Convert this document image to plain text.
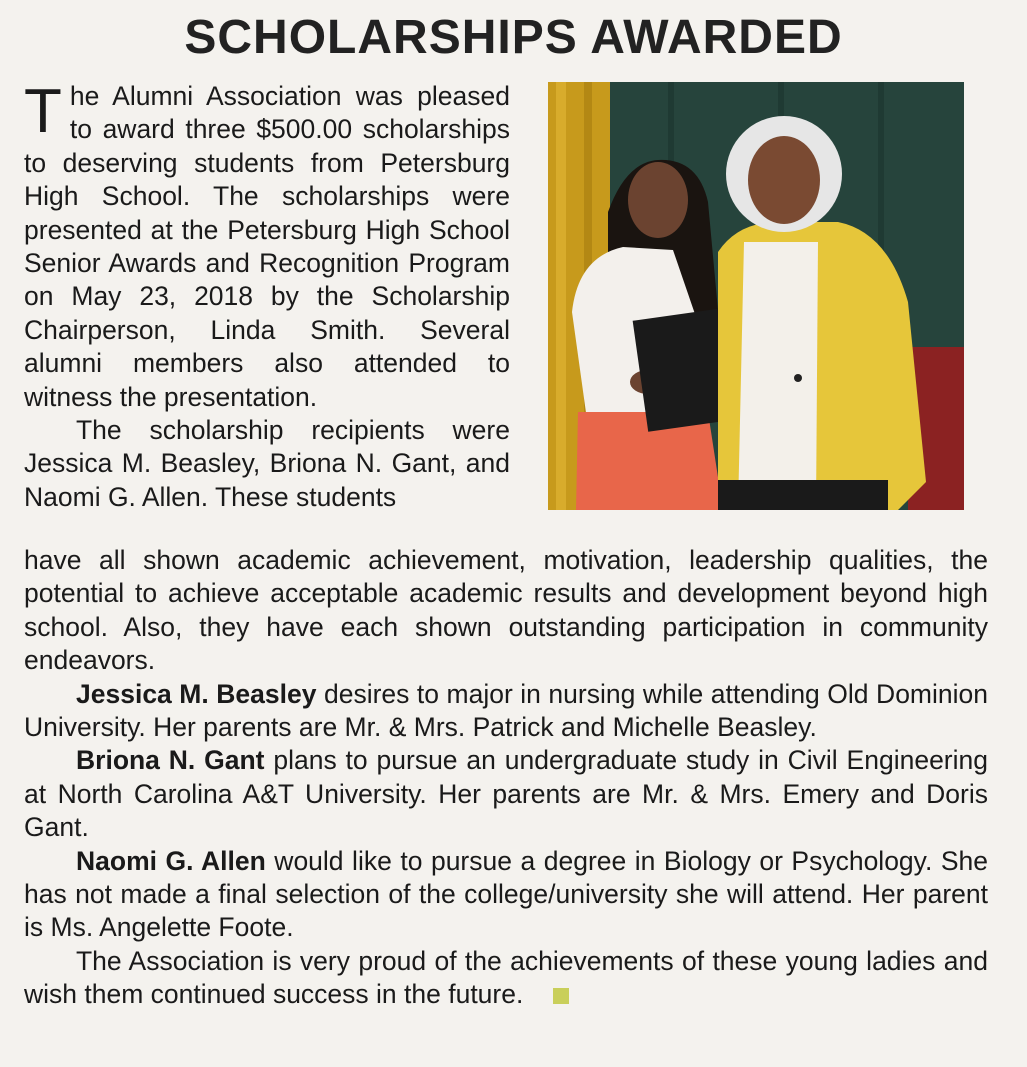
SCHOLARSHIPS AWARDED

The Alumni Association was pleased to award three $500.00 scholarships to deserving students from Petersburg High School. The scholarships were presented at the Petersburg High School Senior Awards and Recognition Program on May 23, 2018 by the Scholarship Chairperson, Linda Smith. Several alumni members also attended to witness the presentation.

The scholarship recipients were Jessica M. Beasley, Briona N. Gant, and Naomi G. Allen. These students

have all shown academic achievement, motivation, leadership qualities, the potential to achieve acceptable academic results and development beyond high school. Also, they have each shown outstanding participation in community endeavors.

Jessica M. Beasley desires to major in nursing while attending Old Dominion University. Her parents are Mr. & Mrs. Patrick and Michelle Beasley.

Briona N. Gant plans to pursue an undergraduate study in Civil Engineering at North Carolina A&T University. Her parents are Mr. & Mrs. Emery and Doris Gant.

Naomi G. Allen would like to pursue a degree in Biology or Psychology. She has not made a final selection of the college/university she will attend. Her parent is Ms. Angelette Foote.

The Association is very proud of the achievements of these young ladies and wish them continued success in the future.
